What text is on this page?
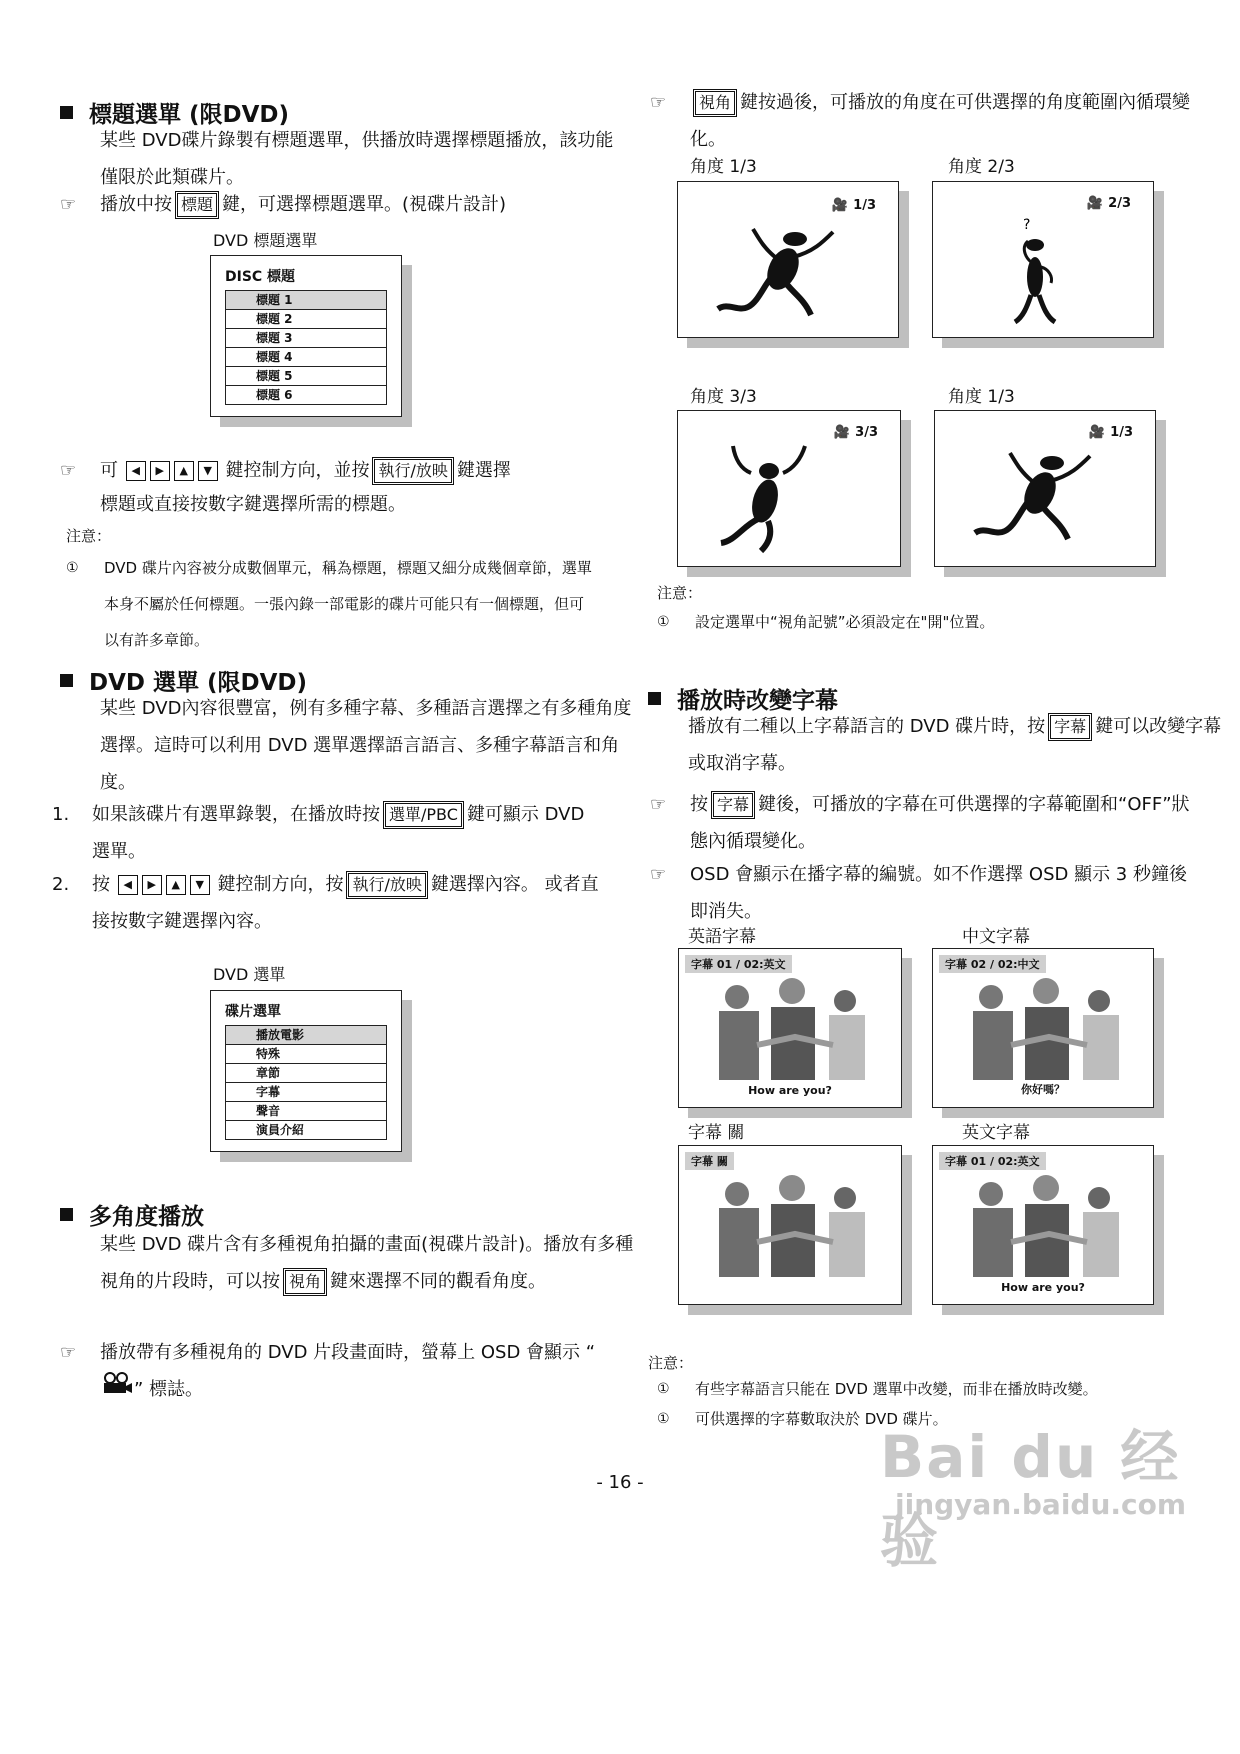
標題選單 (限DVD)
某些 DVD碟片錄製有標題選單，供播放時選擇標題播放，該功能僅限於此類碟片。
☞	播放中按 標題 鍵，可選擇標題選單。(視碟片設計)
DVD 標題選單
DISC 標題
標題 1
標題 2
標題 3
標題 4
標題 5
標題 6
☞	可 ◀ ▶ ▲ ▼ 鍵控制方向，並按 執行/放映 鍵選擇
標題或直接按數字鍵選擇所需的標題。
注意：
①	DVD 碟片內容被分成數個單元，稱為標題，標題又細分成幾個章節，選單本身不屬於任何標題。一張內錄一部電影的碟片可能只有一個標題，但可以有許多章節。
DVD 選單 (限DVD)
某些 DVD內容很豐富，例有多種字幕、多種語言選擇之有多種角度選擇。這時可以利用 DVD 選單選擇語言語言、多種字幕語言和角度。
1.	如果該碟片有選單錄製，在播放時按 選單/PBC 鍵可顯示 DVD 選單。
2.	按 ◀ ▶ ▲ ▼ 鍵控制方向，按 執行/放映 鍵選擇內容。 或者直接按數字鍵選擇內容。
DVD 選單
碟片選單
播放電影
特殊
章節
字幕
聲音
演員介紹
多角度播放
某些 DVD 碟片含有多種視角拍攝的畫面(視碟片設計)。播放有多種視角的片段時，可以按 視角 鍵來選擇不同的觀看角度。
☞	播放帶有多種視角的 DVD 片段畫面時，螢幕上 OSD 會顯示 “” 標誌。
☞	視角 鍵按過後，可播放的角度在可供選擇的角度範圍內循環變化。
角度 1/3	角度 2/3
🎥 1/3	🎥 2/3
?
角度 3/3	角度 1/3
🎥 3/3	🎥 1/3
注意：
①	設定選單中“視角記號”必須設定在"開"位置。
播放時改變字幕
播放有二種以上字幕語言的 DVD 碟片時，按 字幕 鍵可以改變字幕或取消字幕。
☞	按 字幕 鍵後，可播放的字幕在可供選擇的字幕範圍和“OFF”狀態內循環變化。
☞	OSD 會顯示在播字幕的編號。如不作選擇 OSD 顯示 3 秒鐘後即消失。
英語字幕	中文字幕
字幕 關	英文字幕
字幕 01 / 02:英文
How are you?
字幕 02 / 02:中文
你好嗎？
字幕 關	字幕 01 / 02:英文
How are you?
注意：
①	有些字幕語言只能在 DVD 選單中改變，而非在播放時改變。
①	可供選擇的字幕數取決於 DVD 碟片。
- 16 -	Bai du 经验
jingyan.baidu.com
